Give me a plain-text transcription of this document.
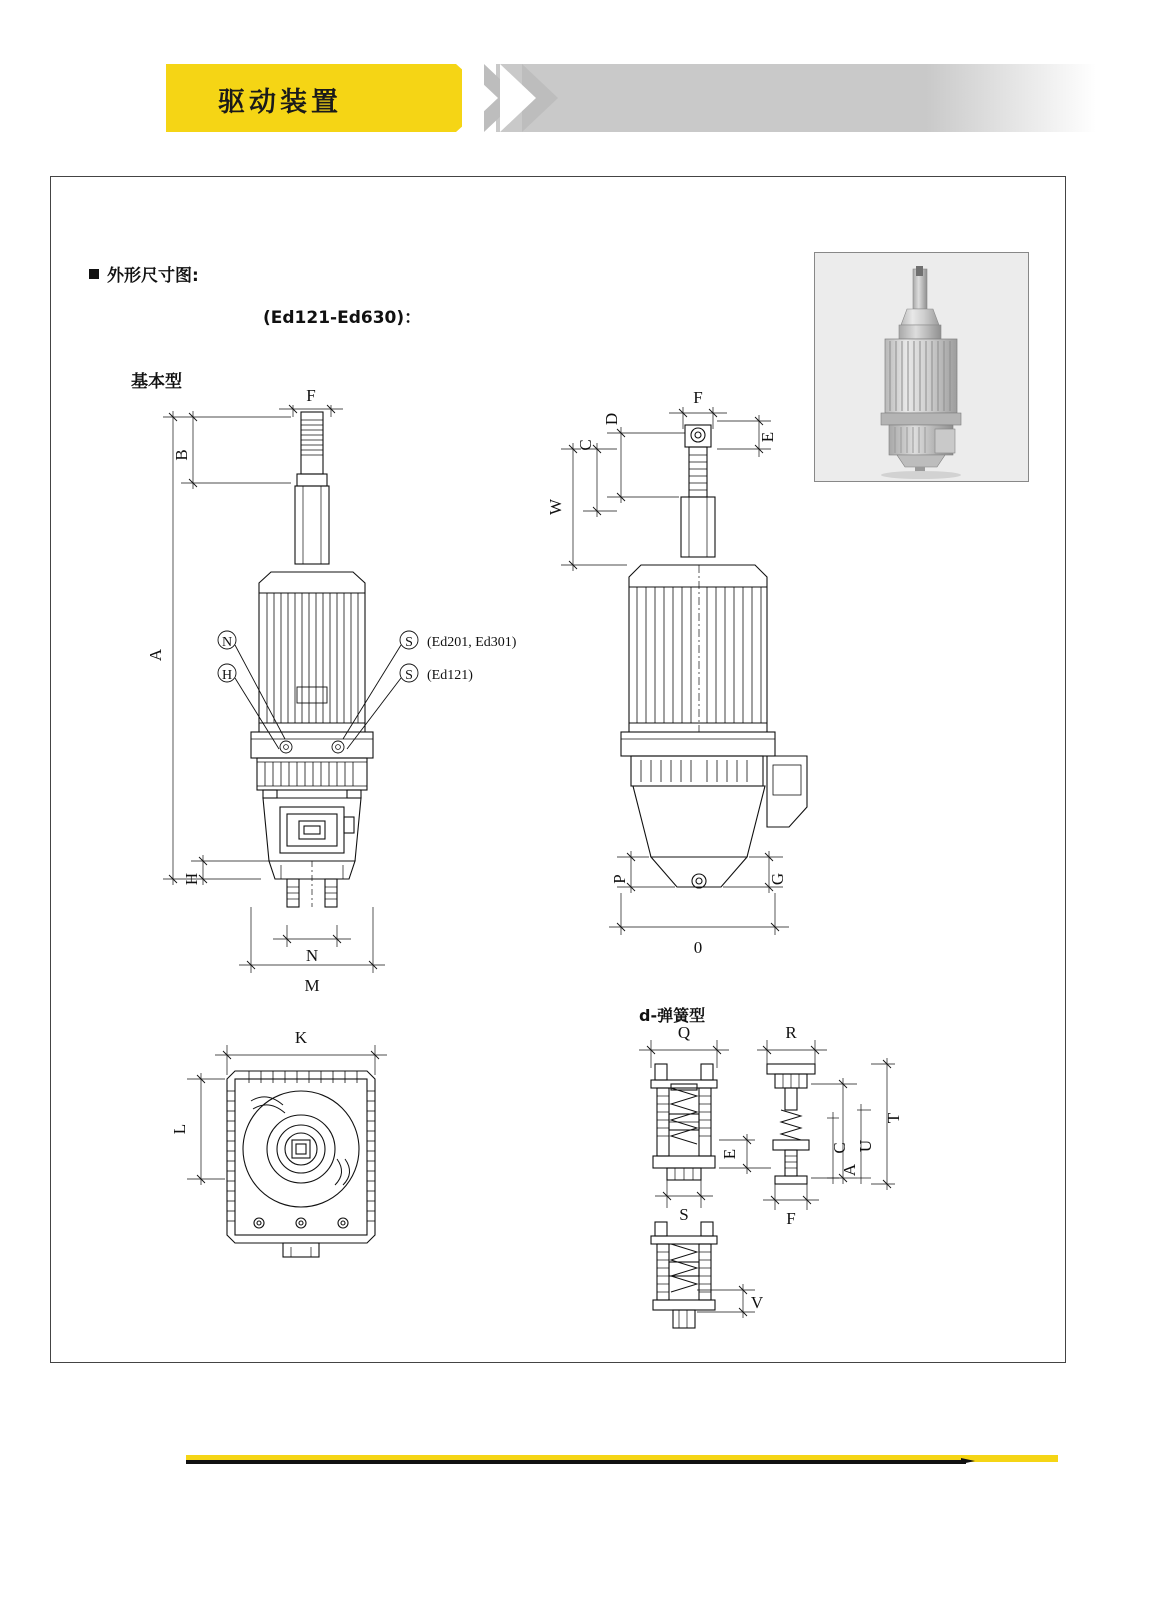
驱动装置
外形尺寸图:
(Ed121-Ed630)：
基本型
d-弹簧型
F
B
A
H
N
M
N
H
S
S
(Ed201, Ed301)
(Ed121)
F
E
D
C
W
P	G
0
K
L
Q	R
S	F
E
A
U
C
T
V
